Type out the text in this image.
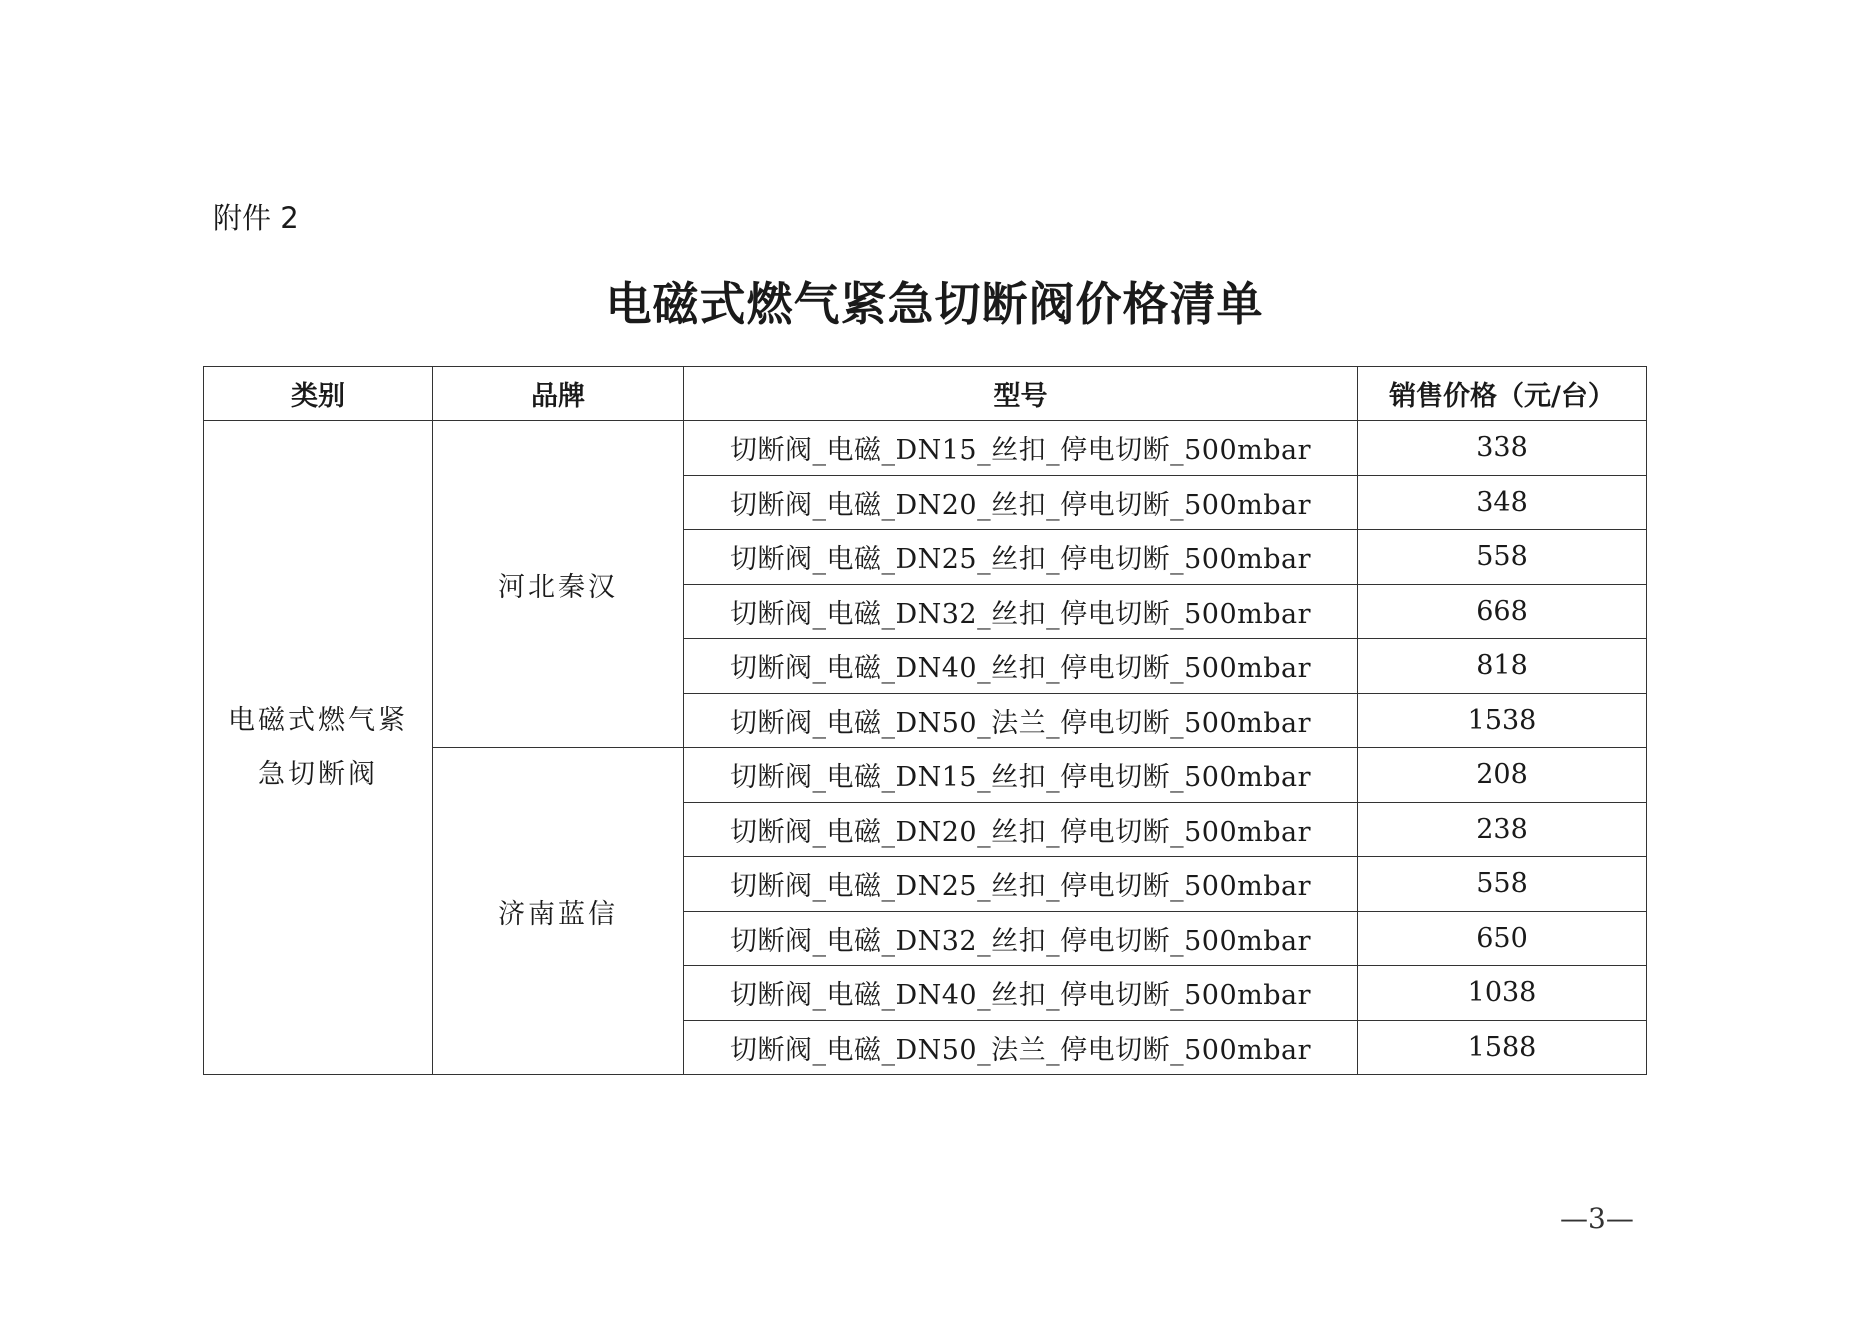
附件 2
电磁式燃气紧急切断阀价格清单
类别	品牌	型号	销售价格（元/台）

电磁式燃气紧
急切断阀	河北秦汉	切断阀_电磁_DN15_丝扣_停电切断_500mbar	338
		切断阀_电磁_DN20_丝扣_停电切断_500mbar	348
		切断阀_电磁_DN25_丝扣_停电切断_500mbar	558
		切断阀_电磁_DN32_丝扣_停电切断_500mbar	668
		切断阀_电磁_DN40_丝扣_停电切断_500mbar	818
		切断阀_电磁_DN50_法兰_停电切断_500mbar	1538
	济南蓝信	切断阀_电磁_DN15_丝扣_停电切断_500mbar	208
		切断阀_电磁_DN20_丝扣_停电切断_500mbar	238
		切断阀_电磁_DN25_丝扣_停电切断_500mbar	558
		切断阀_电磁_DN32_丝扣_停电切断_500mbar	650
		切断阀_电磁_DN40_丝扣_停电切断_500mbar	1038
		切断阀_电磁_DN50_法兰_停电切断_500mbar	1588
—3—
